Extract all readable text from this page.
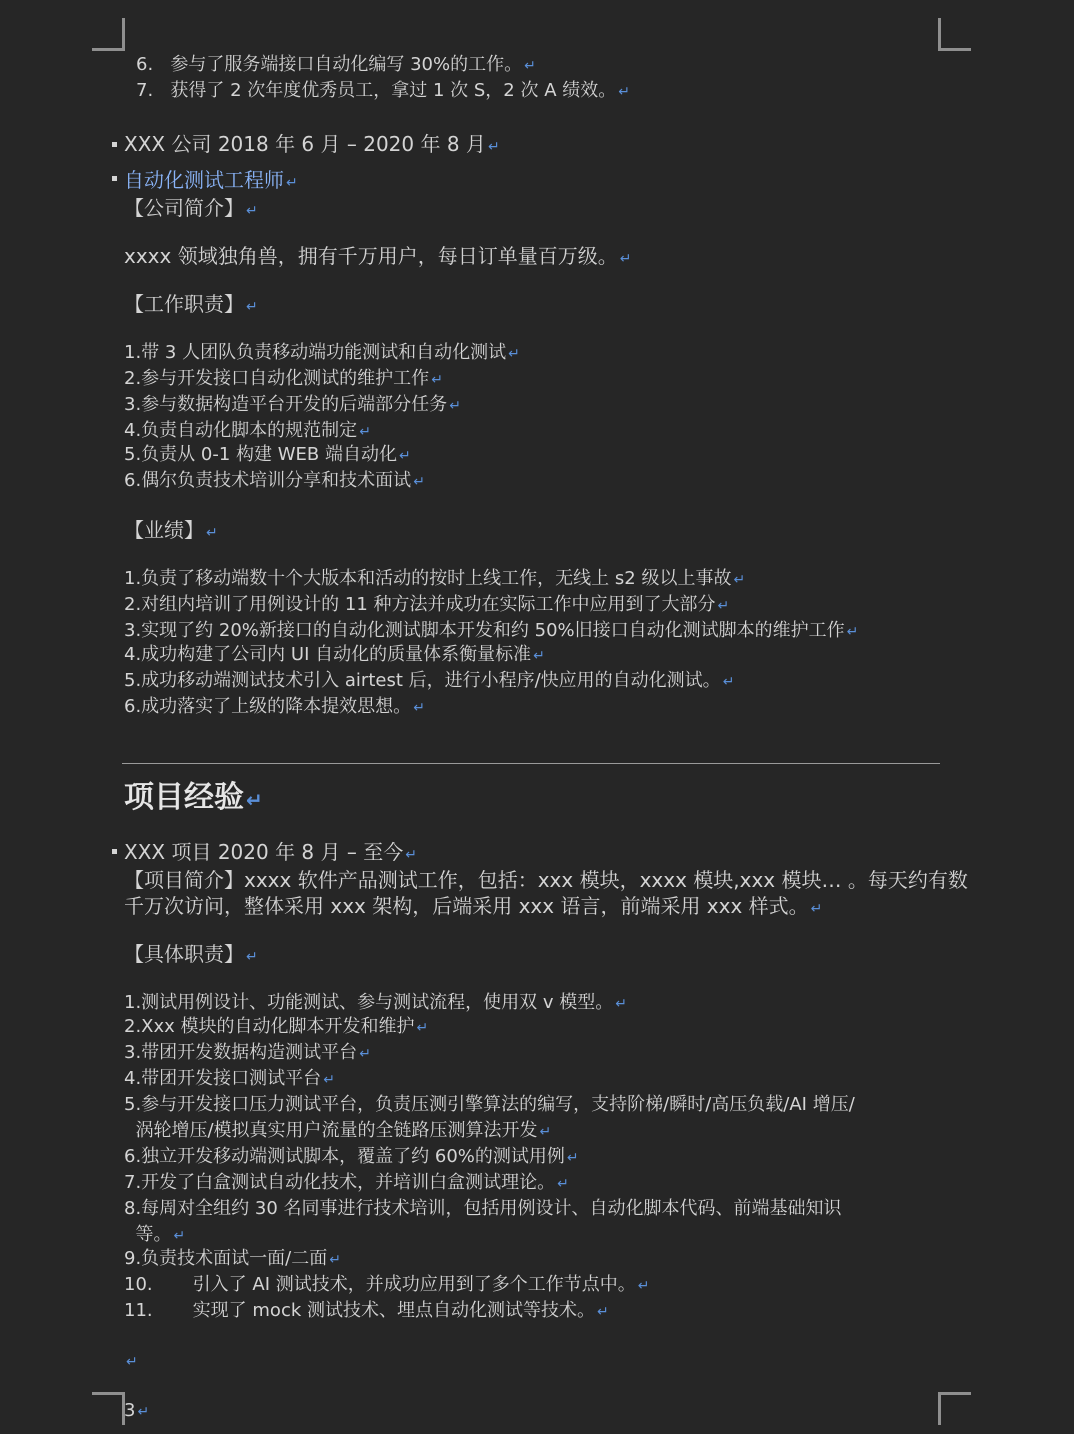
6. 参与了服务端接口自动化编写 30%的工作。 ↵
7. 获得了 2 次年度优秀员工，拿过 1 次 S，2 次 A 绩效。 ↵
XXX 公司 2018 年 6 月 – 2020 年 8 月 ↵
自动化测试工程师 ↵
【公司简介】 ↵
xxxx 领域独角兽，拥有千万用户，每日订单量百万级。 ↵
【工作职责】 ↵
1.带 3 人团队负责移动端功能测试和自动化测试 ↵
2.参与开发接口自动化测试的维护工作 ↵
3.参与数据构造平台开发的后端部分任务 ↵
4.负责自动化脚本的规范制定 ↵
5.负责从 0-1 构建 WEB 端自动化 ↵
6.偶尔负责技术培训分享和技术面试 ↵
【业绩】 ↵
1.负责了移动端数十个大版本和活动的按时上线工作，无线上 s2 级以上事故 ↵
2.对组内培训了用例设计的 11 种方法并成功在实际工作中应用到了大部分 ↵
3.实现了约 20%新接口的自动化测试脚本开发和约 50%旧接口自动化测试脚本的维护工作 ↵
4.成功构建了公司内 UI 自动化的质量体系衡量标准 ↵
5.成功移动端测试技术引入 airtest 后，进行小程序/快应用的自动化测试。 ↵
6.成功落实了上级的降本提效思想。 ↵
项目经验 ↵
XXX 项目 2020 年 8 月 – 至今 ↵
【项目简介】xxxx 软件产品测试工作，包括：xxx 模块，xxxx 模块,xxx 模块… 。每天约有数
千万次访问，整体采用 xxx 架构，后端采用 xxx 语言，前端采用 xxx 样式。 ↵
【具体职责】 ↵
1.测试用例设计、功能测试、参与测试流程，使用双 v 模型。 ↵
2.Xxx 模块的自动化脚本开发和维护 ↵
3.带团开发数据构造测试平台 ↵
4.带团开发接口测试平台 ↵
5.参与开发接口压力测试平台，负责压测引擎算法的编写，支持阶梯/瞬时/高压负载/AI 增压/
涡轮增压/模拟真实用户流量的全链路压测算法开发 ↵
6.独立开发移动端测试脚本，覆盖了约 60%的测试用例 ↵
7.开发了白盒测试自动化技术，并培训白盒测试理论。 ↵
8.每周对全组约 30 名同事进行技术培训，包括用例设计、自动化脚本代码、前端基础知识
等。 ↵
9.负责技术面试一面/二面 ↵
10.       引入了 AI 测试技术，并成功应用到了多个工作节点中。 ↵
11.       实现了 mock 测试技术、埋点自动化测试等技术。 ↵
↵
3 ↵
